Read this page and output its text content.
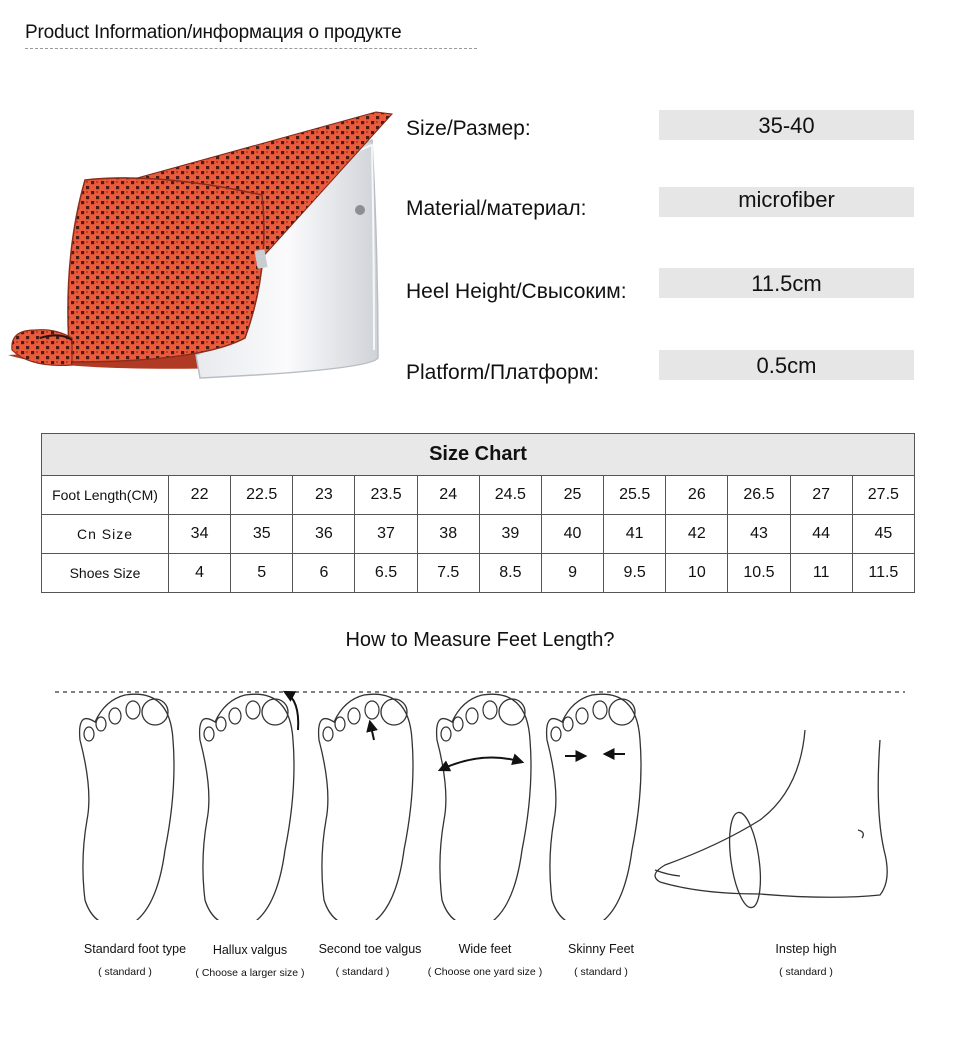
Product Information/информация о продукте
Size/Размер:	35-40
Material/материал:	microfiber
Heel Height/Свысоким:	11.5cm
Platform/Платформ:	0.5cm
Size Chart												
Foot Length(CM)	22	22.5	23	23.5	24	24.5	25	25.5	26	26.5	27	27.5
Cn Size	34	35	36	37	38	39	40	41	42	43	44	45
Shoes Size	4	5	6	6.5	7.5	8.5	9	9.5	10	10.5	11	11.5
How to Measure Feet Length?
Standard foot type
( standard )
Hallux valgus
( Choose a larger size )
Second toe valgus
( standard )
Wide feet
( Choose one yard size )
Skinny Feet
( standard )
Instep high
( standard )
